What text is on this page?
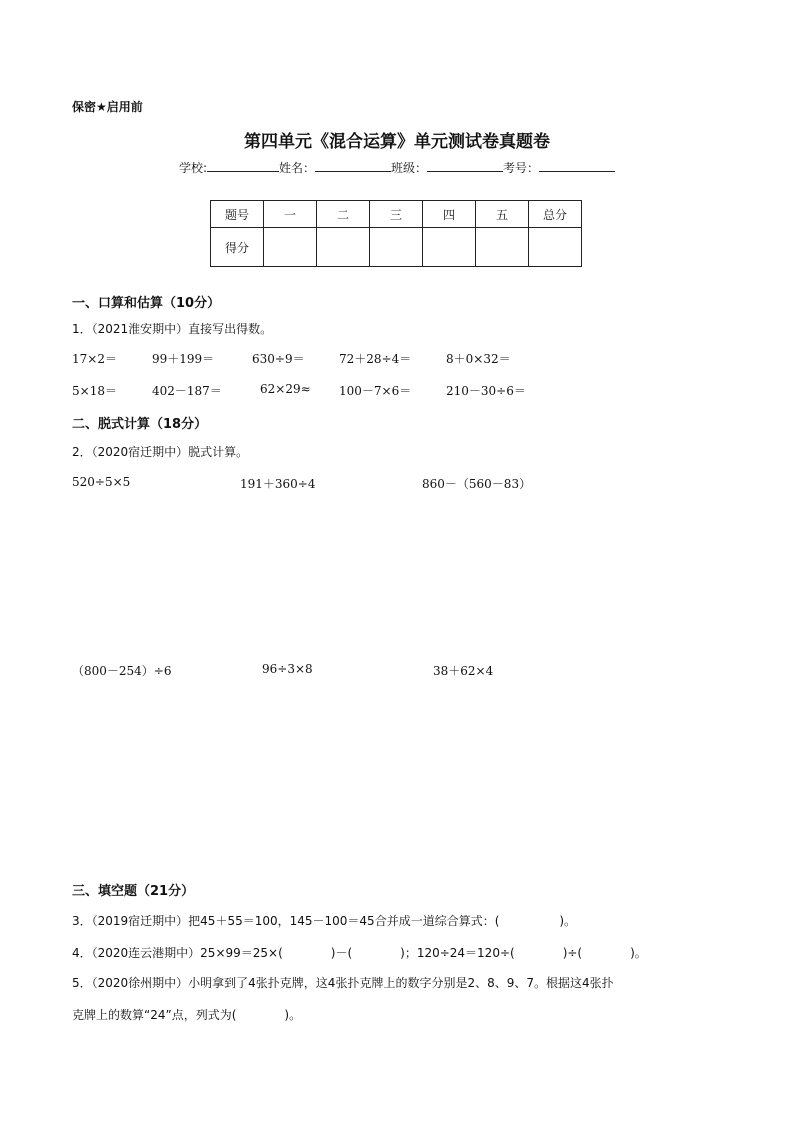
保密★启用前
第四单元《混合运算》单元测试卷真题卷
学校:	姓名：	班级：	考号：
题号	一	二	三	四	五	总分
得分						
一、口算和估算（10分）
1．（2021淮安期中）直接写出得数。
17×2＝	99＋199＝	630÷9＝	72＋28÷4＝	8＋0×32＝
5×18＝	402－187＝	62×29≈ 100－7×6＝	210－30÷6＝
二、脱式计算（18分）
2．（2020宿迁期中）脱式计算。
520÷5×5	191＋360÷4	860－（560－83）
（800－254）÷6	96÷3×8	38＋62×4
三、填空题（21分）
3．（2019宿迁期中）把45＋55＝100，145－100＝45合并成一道综合算式：(　　　　　)。
4．（2020连云港期中）25×99＝25×(　　　　)－(　　　　)；120÷24＝120÷(　　　　)÷(　　　　)。
5．（2020徐州期中）小明拿到了4张扑克牌，这4张扑克牌上的数字分别是2、8、9、7。根据这4张扑
克牌上的数算“24”点，列式为(　　　　)。
